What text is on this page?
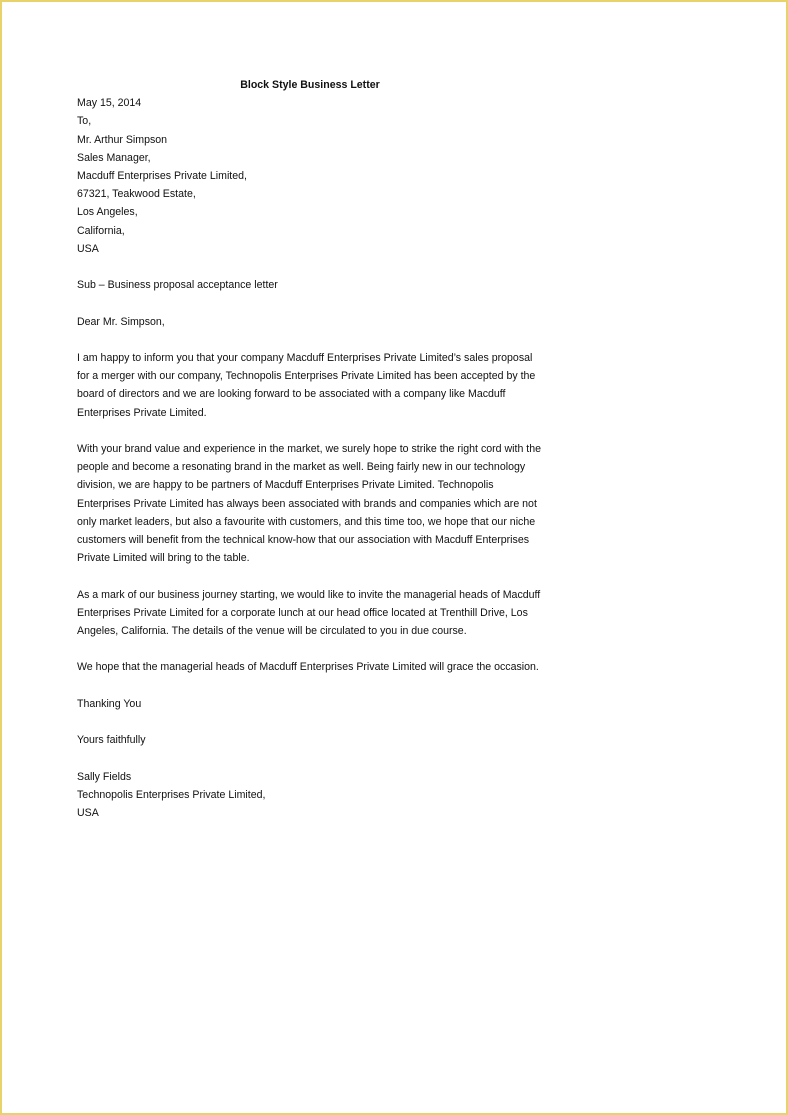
Block Style Business Letter
May 15, 2014
To,
Mr. Arthur Simpson
Sales Manager,
Macduff Enterprises Private Limited,
67321, Teakwood Estate,
Los Angeles,
California,
USA
Sub – Business proposal acceptance letter
Dear Mr. Simpson,
I am happy to inform you that your company Macduff Enterprises Private Limited’s sales proposal
for a merger with our company, Technopolis Enterprises Private Limited has been accepted by the
board of directors and we are looking forward to be associated with a company like Macduff
Enterprises Private Limited.
With your brand value and experience in the market, we surely hope to strike the right cord with the
people and become a resonating brand in the market as well. Being fairly new in our technology
division, we are happy to be partners of Macduff Enterprises Private Limited. Technopolis
Enterprises Private Limited has always been associated with brands and companies which are not
only market leaders, but also a favourite with customers, and this time too, we hope that our niche
customers will benefit from the technical know-how that our association with Macduff Enterprises
Private Limited will bring to the table.
As a mark of our business journey starting, we would like to invite the managerial heads of Macduff
Enterprises Private Limited for a corporate lunch at our head office located at Trenthill Drive, Los
Angeles, California. The details of the venue will be circulated to you in due course.
We hope that the managerial heads of Macduff Enterprises Private Limited will grace the occasion.
Thanking You
Yours faithfully
Sally Fields
Technopolis Enterprises Private Limited,
USA
